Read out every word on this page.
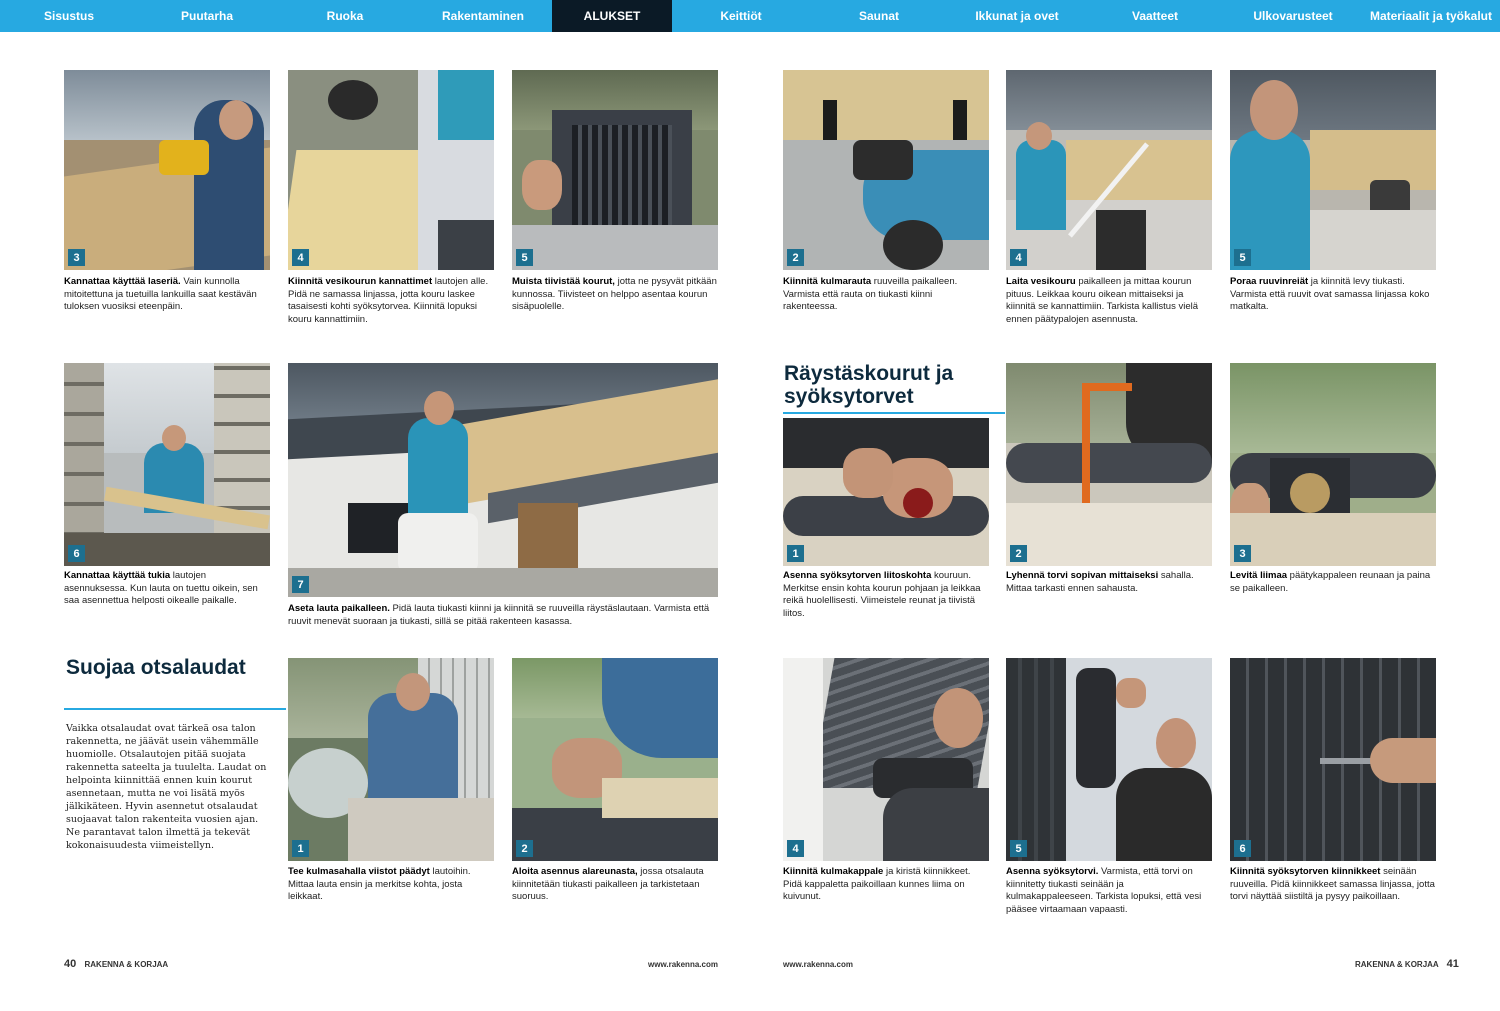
Sisustus	Puutarha	Ruoka	Rakentaminen	ALUKSET	Keittiöt	Saunat	Ikkunat ja ovet	Vaatteet	Ulkovarusteet	Materiaalit ja työkalut
3	4	5
Kannattaa käyttää laseriä. Vain kunnolla mitoitettuna ja tuetuilla lankuilla saat kestävän tuloksen vuosiksi eteenpäin.
Kiinnitä vesikourun kannattimet lautojen alle. Pidä ne samassa linjassa, jotta kouru laskee tasaisesti kohti syöksytorvea. Kiinnitä lopuksi kouru kannattimiin.
Muista tiivistää kourut, jotta ne pysyvät pitkään kunnossa. Tiivisteet on helppo asentaa kourun sisäpuolelle.
6
7
Kannattaa käyttää tukia lautojen asennuksessa. Kun lauta on tuettu oikein, sen saa asennettua helposti oikealle paikalle.
Aseta lauta paikalleen. Pidä lauta tiukasti kiinni ja kiinnitä se ruuveilla räystäslautaan. Varmista että ruuvit menevät suoraan ja tiukasti, sillä se pitää rakenteen kasassa.
Suojaa otsalaudat
Vaikka otsalaudat ovat tärkeä osa talon rakennetta, ne jäävät usein vähemmälle huomiolle. Otsalautojen pitää suojata rakennetta sateelta ja tuulelta. Laudat on helpointa kiinnittää ennen kuin kourut asennetaan, mutta ne voi lisätä myös jälkikäteen. Hyvin asennetut otsalaudat suojaavat talon rakenteita vuosien ajan. Ne parantavat talon ilmettä ja tekevät kokonaisuudesta viimeistellyn.	1	2
Tee kulmasahalla viistot päädyt lautoihin. Mittaa lauta ensin ja merkitse kohta, josta leikkaat.
Aloita asennus alareunasta, jossa otsalauta kiinnitetään tiukasti paikalleen ja tarkistetaan suoruus.
40 RAKENNA & KORJAA	www.rakenna.com
2	4	5
Kiinnitä kulmarauta ruuveilla paikalleen. Varmista että rauta on tiukasti kiinni rakenteessa.
Laita vesikouru paikalleen ja mittaa kourun pituus. Leikkaa kouru oikean mittaiseksi ja kiinnitä se kannattimiin. Tarkista kallistus vielä ennen päätypalojen asennusta.
Poraa ruuvinreiät ja kiinnitä levy tiukasti. Varmista että ruuvit ovat samassa linjassa koko matkalta.
Räystäskourut ja syöksytorvet
1	2	3
Asenna syöksytorven liitoskohta kouruun. Merkitse ensin kohta kourun pohjaan ja leikkaa reikä huolellisesti. Viimeistele reunat ja tiivistä liitos.
Lyhennä torvi sopivan mittaiseksi sahalla. Mittaa tarkasti ennen sahausta.
Levitä liimaa päätykappaleen reunaan ja paina se paikalleen.
4	5	6
Kiinnitä kulmakappale ja kiristä kiinnikkeet. Pidä kappaletta paikoillaan kunnes liima on kuivunut.
Asenna syöksytorvi. Varmista, että torvi on kiinnitetty tiukasti seinään ja kulmakappaleeseen. Tarkista lopuksi, että vesi pääsee virtaamaan vapaasti.
Kiinnitä syöksytorven kiinnikkeet seinään ruuveilla. Pidä kiinnikkeet samassa linjassa, jotta torvi näyttää siistiltä ja pysyy paikoillaan.
www.rakenna.com	RAKENNA & KORJAA 41
